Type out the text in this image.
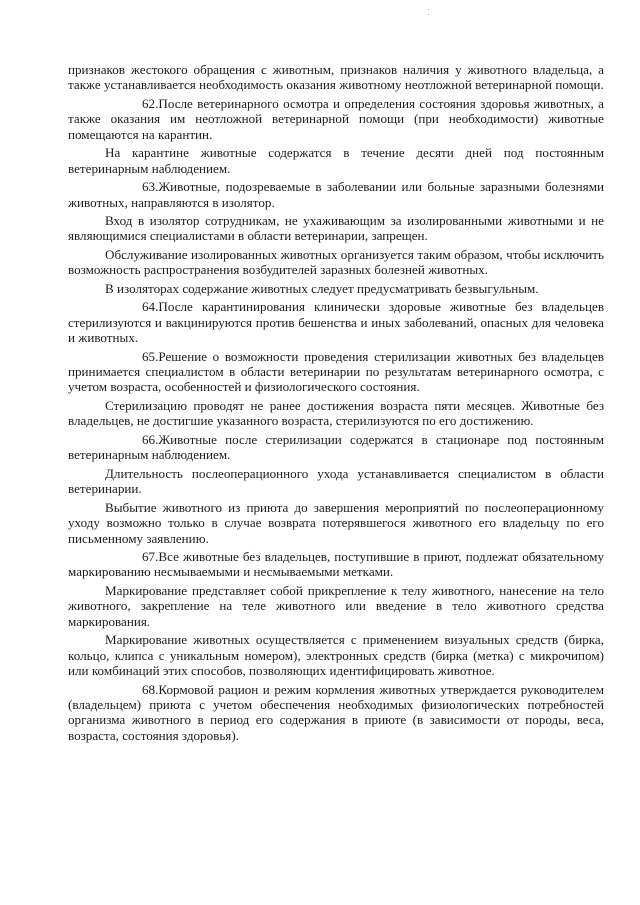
признаков жестокого обращения с животным, признаков наличия у животного владельца, а также устанавливается необходимость оказания животному неотложной ветеринарной помощи.

62.После ветеринарного осмотра и определения состояния здоровья животных, а также оказания им неотложной ветеринарной помощи (при необходимости) животные помещаются на карантин.

На карантине животные содержатся в течение десяти дней под постоянным ветеринарным наблюдением.

63.Животные, подозреваемые в заболевании или больные заразными болезнями животных, направляются в изолятор.

Вход в изолятор сотрудникам, не ухаживающим за изолированными животными и не являющимися специалистами в области ветеринарии, запрещен.

Обслуживание изолированных животных организуется таким образом, чтобы исключить возможность распространения возбудителей заразных болезней животных.

В изоляторах содержание животных следует предусматривать безвыгульным.

64.После карантинирования клинически здоровые животные без владельцев стерилизуются и вакцинируются против бешенства и иных заболеваний, опасных для человека и животных.

65.Решение о возможности проведения стерилизации животных без владельцев принимается специалистом в области ветеринарии по результатам ветеринарного осмотра, с учетом возраста, особенностей и физиологического состояния.

Стерилизацию проводят не ранее достижения возраста пяти месяцев. Животные без владельцев, не достигшие указанного возраста, стерилизуются по его достижению.

66.Животные после стерилизации содержатся в стационаре под постоянным ветеринарным наблюдением.

Длительность послеоперационного ухода устанавливается специалистом в области ветеринарии.

Выбытие животного из приюта до завершения мероприятий по послеоперационному уходу возможно только в случае возврата потерявшегося животного его владельцу по его письменному заявлению.

67.Все животные без владельцев, поступившие в приют, подлежат обязательному маркированию несмываемыми и несмываемыми метками.

Маркирование представляет собой прикрепление к телу животного, нанесение на тело животного, закрепление на теле животного или введение в тело животного средства маркирования.

Маркирование животных осуществляется с применением визуальных средств (бирка, кольцо, клипса с уникальным номером), электронных средств (бирка (метка) с микрочипом) или комбинаций этих способов, позволяющих идентифицировать животное.

68.Кормовой рацион и режим кормления животных утверждается руководителем (владельцем) приюта с учетом обеспечения необходимых физиологических потребностей организма животного в период его содержания в приюте (в зависимости от породы, веса, возраста, состояния здоровья).
